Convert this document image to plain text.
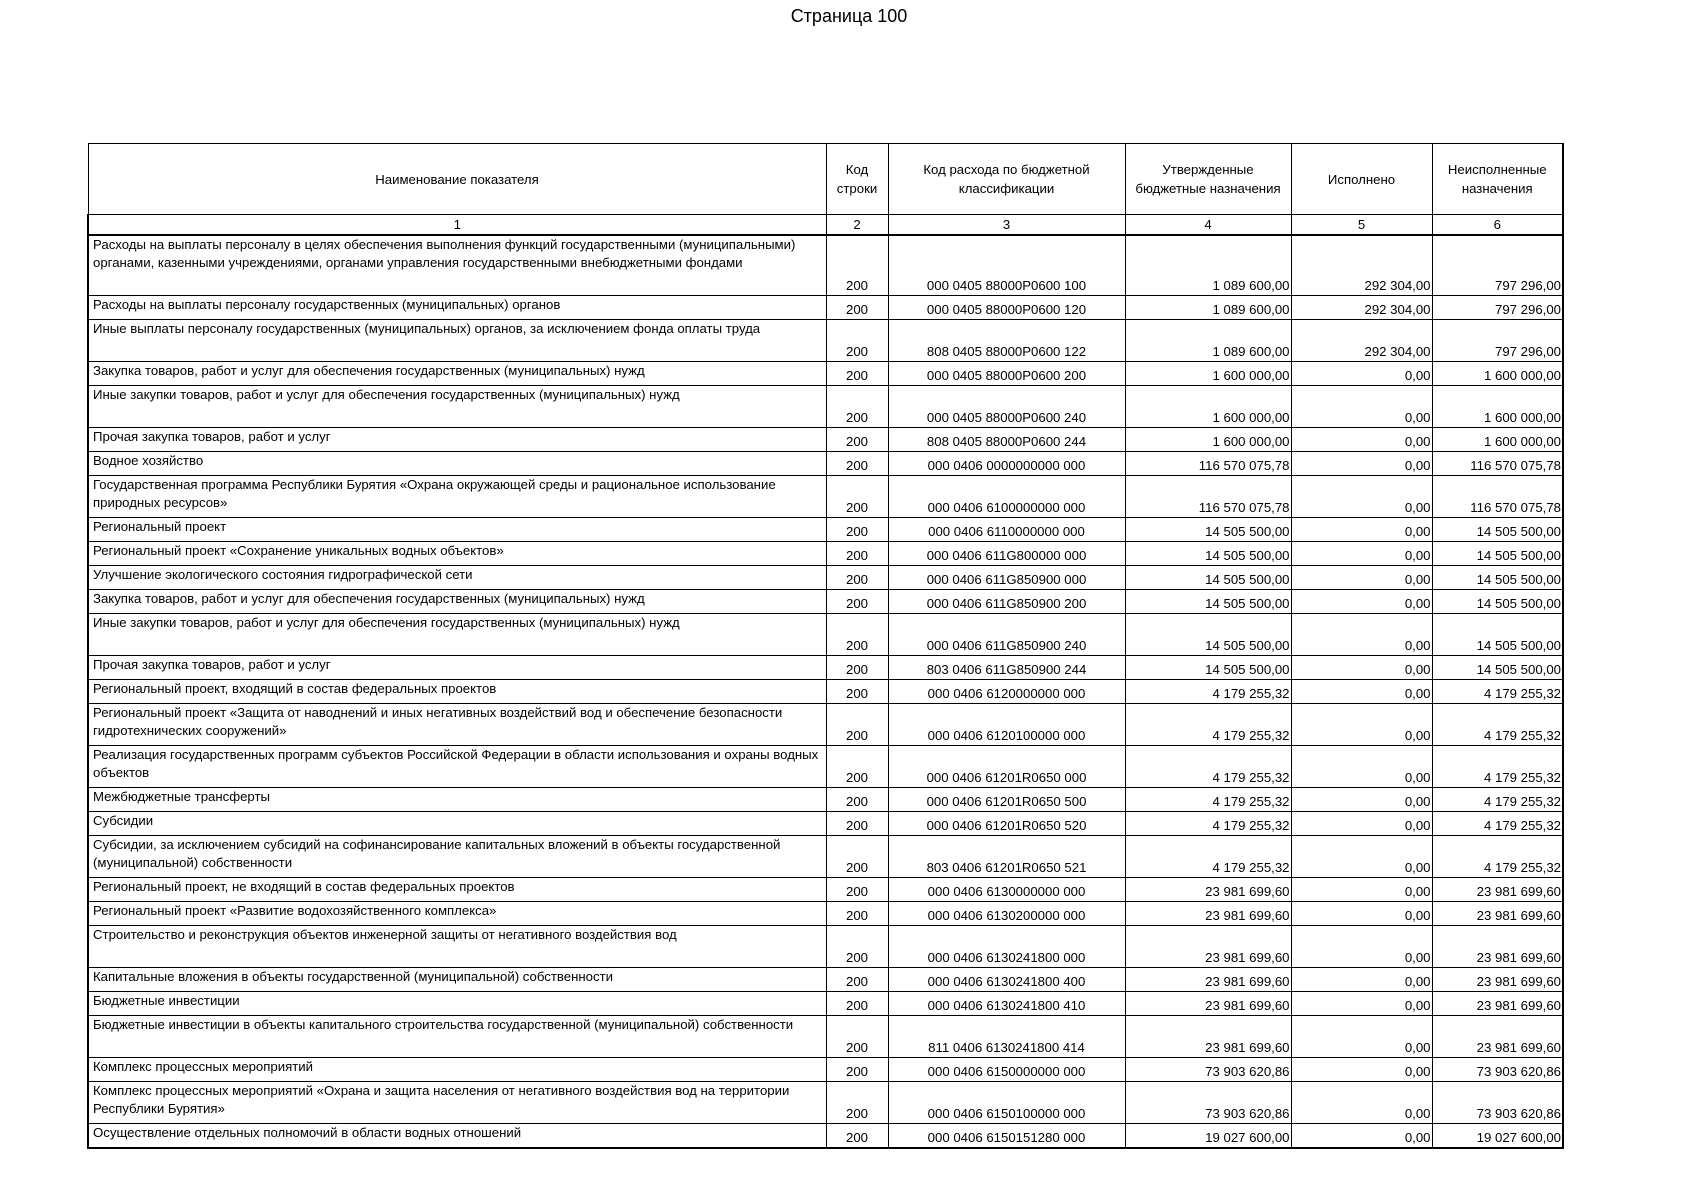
Страница 100
Наименование показателя	Код строки	Код расхода по бюджетной классификации	Утвержденные бюджетные назначения	Исполнено	Неисполненные назначения
1	2	3	4	5	6
Расходы на выплаты персоналу в целях обеспечения выполнения функций государственными (муниципальными) органами, казенными учреждениями, органами управления государственными внебюджетными фондами	200	000 0405 88000P0600 100	1 089 600,00	292 304,00	797 296,00
Расходы на выплаты персоналу государственных (муниципальных) органов	200	000 0405 88000P0600 120	1 089 600,00	292 304,00	797 296,00
Иные выплаты персоналу государственных (муниципальных) органов, за исключением фонда оплаты труда	200	808 0405 88000P0600 122	1 089 600,00	292 304,00	797 296,00
Закупка товаров, работ и услуг для обеспечения государственных (муниципальных) нужд	200	000 0405 88000P0600 200	1 600 000,00	0,00	1 600 000,00
Иные закупки товаров, работ и услуг для обеспечения государственных (муниципальных) нужд	200	000 0405 88000P0600 240	1 600 000,00	0,00	1 600 000,00
Прочая закупка товаров, работ и услуг	200	808 0405 88000P0600 244	1 600 000,00	0,00	1 600 000,00
Водное хозяйство	200	000 0406 0000000000 000	116 570 075,78	0,00	116 570 075,78
Государственная программа Республики Бурятия «Охрана окружающей среды и рациональное использование природных ресурсов»	200	000 0406 6100000000 000	116 570 075,78	0,00	116 570 075,78
Региональный проект	200	000 0406 6110000000 000	14 505 500,00	0,00	14 505 500,00
Региональный проект «Сохранение уникальных водных объектов»	200	000 0406 611G800000 000	14 505 500,00	0,00	14 505 500,00
Улучшение экологического состояния гидрографической сети	200	000 0406 611G850900 000	14 505 500,00	0,00	14 505 500,00
Закупка товаров, работ и услуг для обеспечения государственных (муниципальных) нужд	200	000 0406 611G850900 200	14 505 500,00	0,00	14 505 500,00
Иные закупки товаров, работ и услуг для обеспечения государственных (муниципальных) нужд	200	000 0406 611G850900 240	14 505 500,00	0,00	14 505 500,00
Прочая закупка товаров, работ и услуг	200	803 0406 611G850900 244	14 505 500,00	0,00	14 505 500,00
Региональный проект, входящий в состав федеральных проектов	200	000 0406 6120000000 000	4 179 255,32	0,00	4 179 255,32
Региональный проект «Защита от наводнений и иных негативных воздействий вод и обеспечение безопасности гидротехнических сооружений»	200	000 0406 6120100000 000	4 179 255,32	0,00	4 179 255,32
Реализация государственных программ субъектов Российской Федерации в области использования и охраны водных объектов	200	000 0406 61201R0650 000	4 179 255,32	0,00	4 179 255,32
Межбюджетные трансферты	200	000 0406 61201R0650 500	4 179 255,32	0,00	4 179 255,32
Субсидии	200	000 0406 61201R0650 520	4 179 255,32	0,00	4 179 255,32
Субсидии, за исключением субсидий на софинансирование капитальных вложений в объекты государственной (муниципальной) собственности	200	803 0406 61201R0650 521	4 179 255,32	0,00	4 179 255,32
Региональный проект, не входящий в состав федеральных проектов	200	000 0406 6130000000 000	23 981 699,60	0,00	23 981 699,60
Региональный проект «Развитие водохозяйственного комплекса»	200	000 0406 6130200000 000	23 981 699,60	0,00	23 981 699,60
Строительство и реконструкция объектов инженерной защиты от негативного воздействия вод	200	000 0406 6130241800 000	23 981 699,60	0,00	23 981 699,60
Капитальные вложения в объекты государственной (муниципальной) собственности	200	000 0406 6130241800 400	23 981 699,60	0,00	23 981 699,60
Бюджетные инвестиции	200	000 0406 6130241800 410	23 981 699,60	0,00	23 981 699,60
Бюджетные инвестиции в объекты капитального строительства государственной (муниципальной) собственности	200	811 0406 6130241800 414	23 981 699,60	0,00	23 981 699,60
Комплекс процессных мероприятий	200	000 0406 6150000000 000	73 903 620,86	0,00	73 903 620,86
Комплекс процессных мероприятий «Охрана и защита населения от негативного воздействия вод на территории Республики Бурятия»	200	000 0406 6150100000 000	73 903 620,86	0,00	73 903 620,86
Осуществление отдельных полномочий в области водных отношений	200	000 0406 6150151280 000	19 027 600,00	0,00	19 027 600,00
